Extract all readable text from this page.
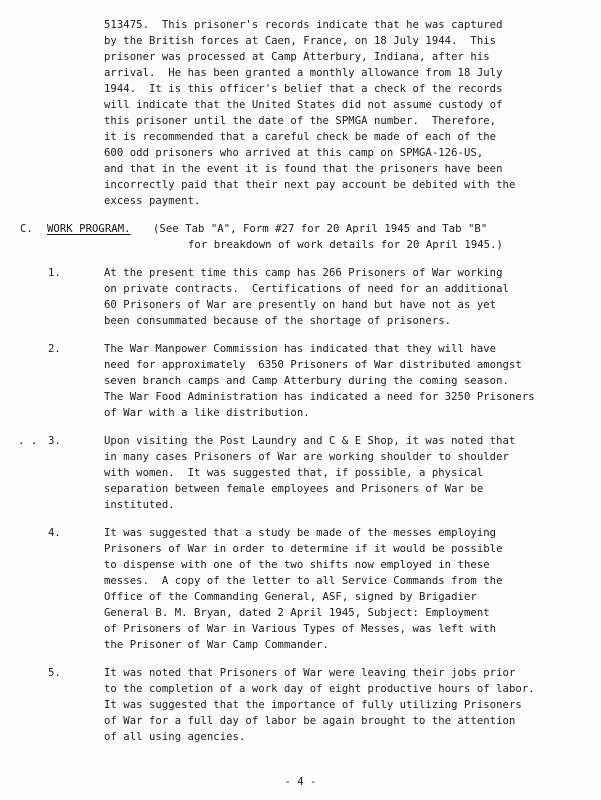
513475.  This prisoner's records indicate that he was captured
by the British forces at Caen, France, on 18 July 1944.  This
prisoner was processed at Camp Atterbury, Indiana, after his
arrival.  He has been granted a monthly allowance from 18 July
1944.  It is this officer's belief that a check of the records
will indicate that the United States did not assume custody of
this prisoner until the date of the SPMGA number.  Therefore,
it is recommended that a careful check be made of each of the
600 odd prisoners who arrived at this camp on SPMGA-126-US,
and that in the event it is found that the prisoners have been
incorrectly paid that their next pay account be debited with the
excess payment.
C. WORK PROGRAM. (See Tab "A", Form #27 for 20 April 1945 and Tab "B"
for breakdown of work details for 20 April 1945.)
1.	At the present time this camp has 266 Prisoners of War working
on private contracts.  Certifications of need for an additional
60 Prisoners of War are presently on hand but have not as yet
been consummated because of the shortage of prisoners.
2.	The War Manpower Commission has indicated that they will have
need for approximately  6350 Prisoners of War distributed amongst
seven branch camps and Camp Atterbury during the coming season.
The War Food Administration has indicated a need for 3250 Prisoners
of War with a like distribution.
. . 3.	Upon visiting the Post Laundry and C & E Shop, it was noted that
in many cases Prisoners of War are working shoulder to shoulder
with women.  It was suggested that, if possible, a physical
separation between female employees and Prisoners of War be
instituted.
4.	It was suggested that a study be made of the messes employing
Prisoners of War in order to determine if it would be possible
to dispense with one of the two shifts now employed in these
messes.  A copy of the letter to all Service Commands from the
Office of the Commanding General, ASF, signed by Brigadier
General B. M. Bryan, dated 2 April 1945, Subject: Employment
of Prisoners of War in Various Types of Messes, was left with
the Prisoner of War Camp Commander.
5.	It was noted that Prisoners of War were leaving their jobs prior
to the completion of a work day of eight productive hours of labor.
It was suggested that the importance of fully utilizing Prisoners
of War for a full day of labor be again brought to the attention
of all using agencies.
- 4 -
